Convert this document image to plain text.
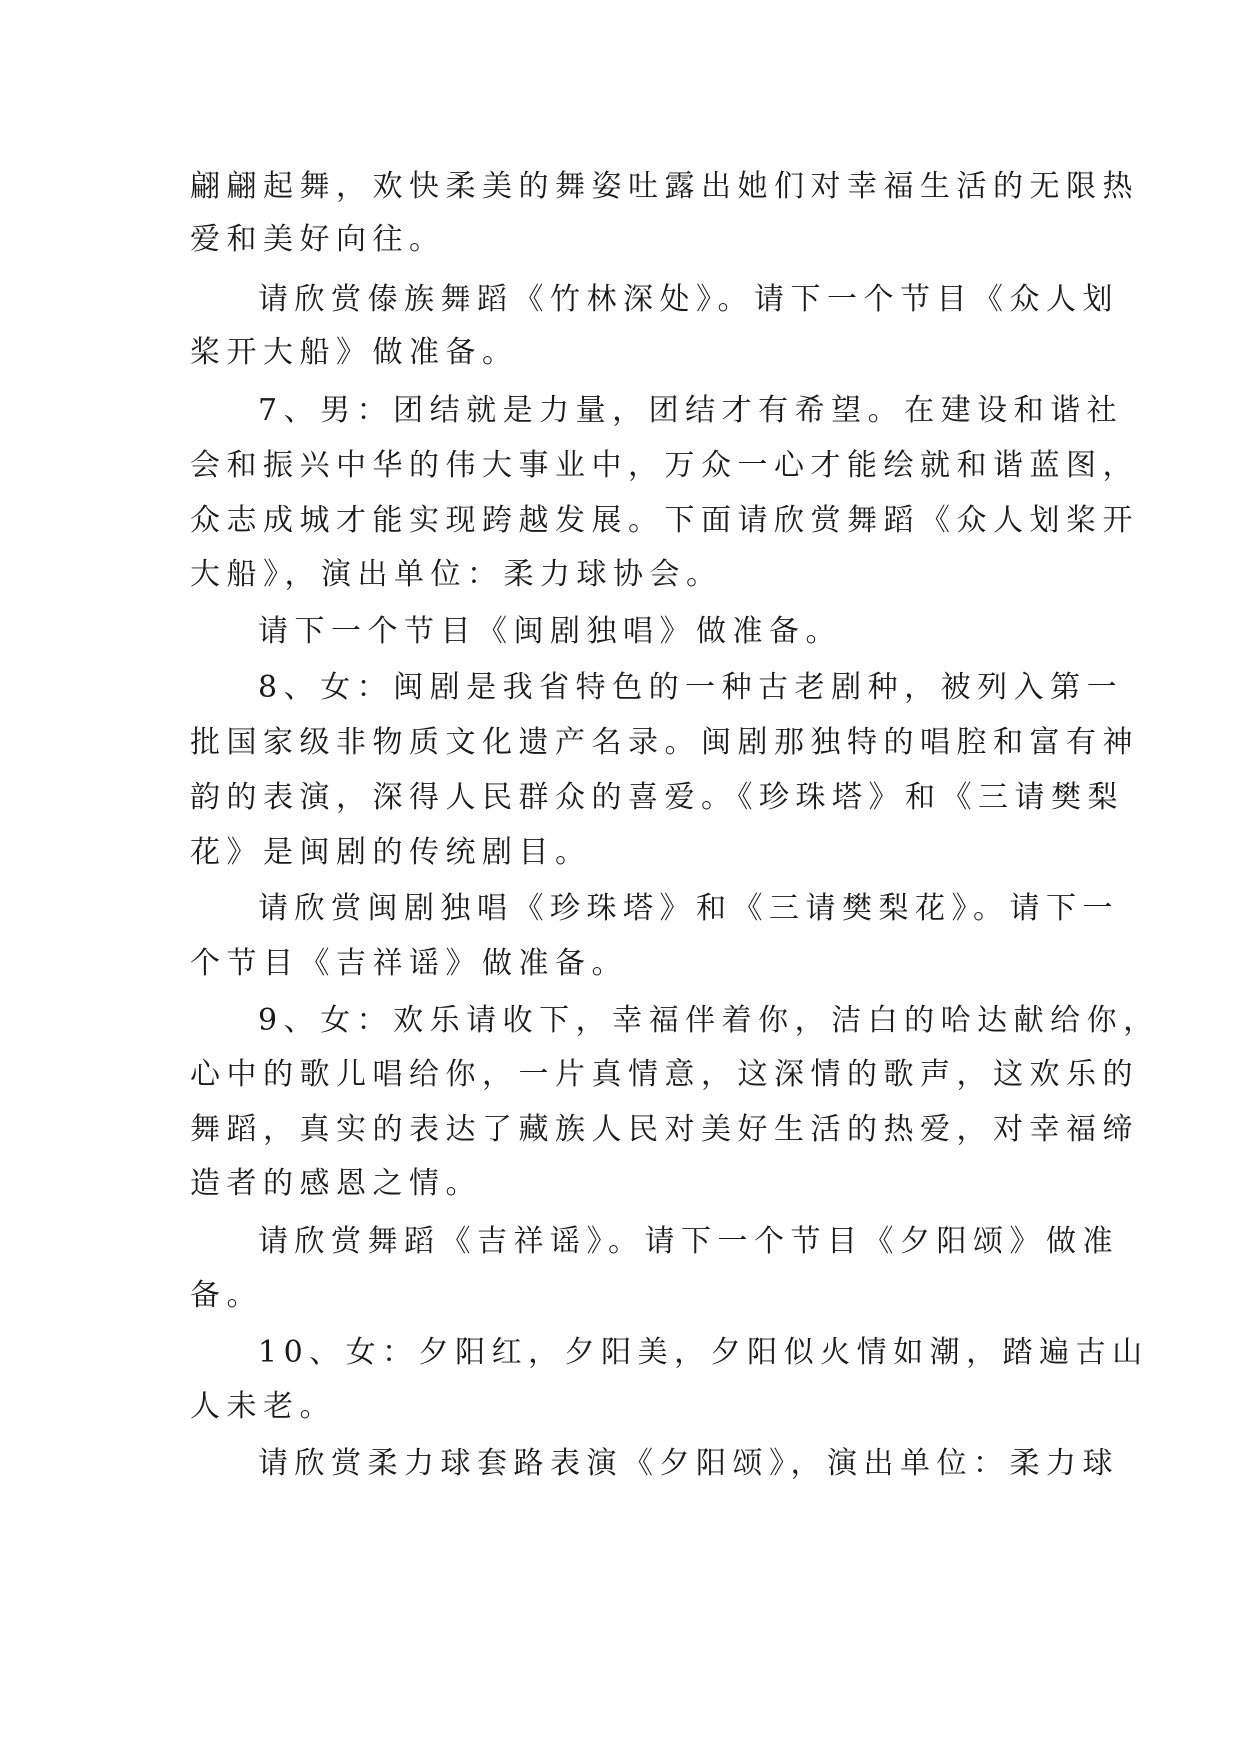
翩翩起舞，欢快柔美的舞姿吐露出她们对幸福生活的无限热
爱和美好向往。
请欣赏傣族舞蹈《竹林深处》。请下一个节目《众人划
桨开大船》做准备。
7、男：团结就是力量，团结才有希望。在建设和谐社
会和振兴中华的伟大事业中，万众一心才能绘就和谐蓝图，
众志成城才能实现跨越发展。下面请欣赏舞蹈《众人划桨开
大船》，演出单位：柔力球协会。
请下一个节目《闽剧独唱》做准备。
8、女：闽剧是我省特色的一种古老剧种，被列入第一
批国家级非物质文化遗产名录。闽剧那独特的唱腔和富有神
韵的表演，深得人民群众的喜爱。《珍珠塔》和《三请樊梨
花》是闽剧的传统剧目。
请欣赏闽剧独唱《珍珠塔》和《三请樊梨花》。请下一
个节目《吉祥谣》做准备。
9、女：欢乐请收下，幸福伴着你，洁白的哈达献给你，
心中的歌儿唱给你，一片真情意，这深情的歌声，这欢乐的
舞蹈，真实的表达了藏族人民对美好生活的热爱，对幸福缔
造者的感恩之情。
请欣赏舞蹈《吉祥谣》。请下一个节目《夕阳颂》做准
备。
10、女：夕阳红，夕阳美，夕阳似火情如潮，踏遍古山
人未老。
请欣赏柔力球套路表演《夕阳颂》，演出单位：柔力球
